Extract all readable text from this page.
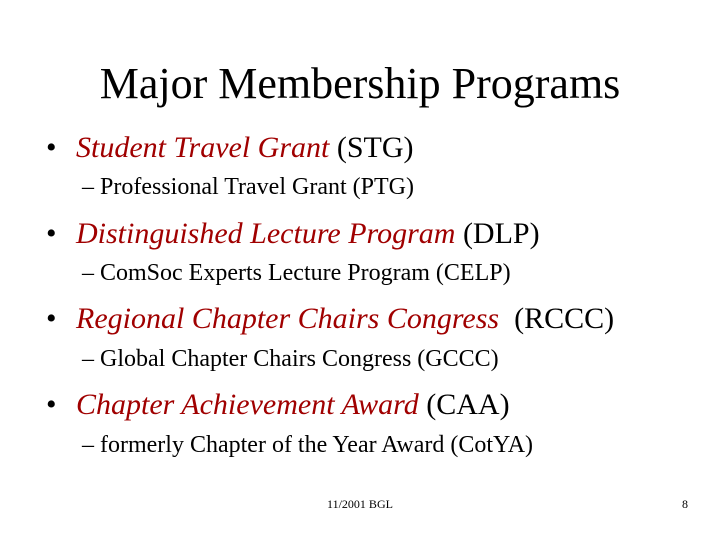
Major Membership Programs
• Student Travel Grant (STG)
– Professional Travel Grant (PTG)
• Distinguished Lecture Program (DLP)
– ComSoc Experts Lecture Program (CELP)
• Regional Chapter Chairs Congress (RCCC)
– Global Chapter Chairs Congress (GCCC)
• Chapter Achievement Award (CAA)
– formerly Chapter of the Year Award (CotYA)
11/2001 BGL	8
